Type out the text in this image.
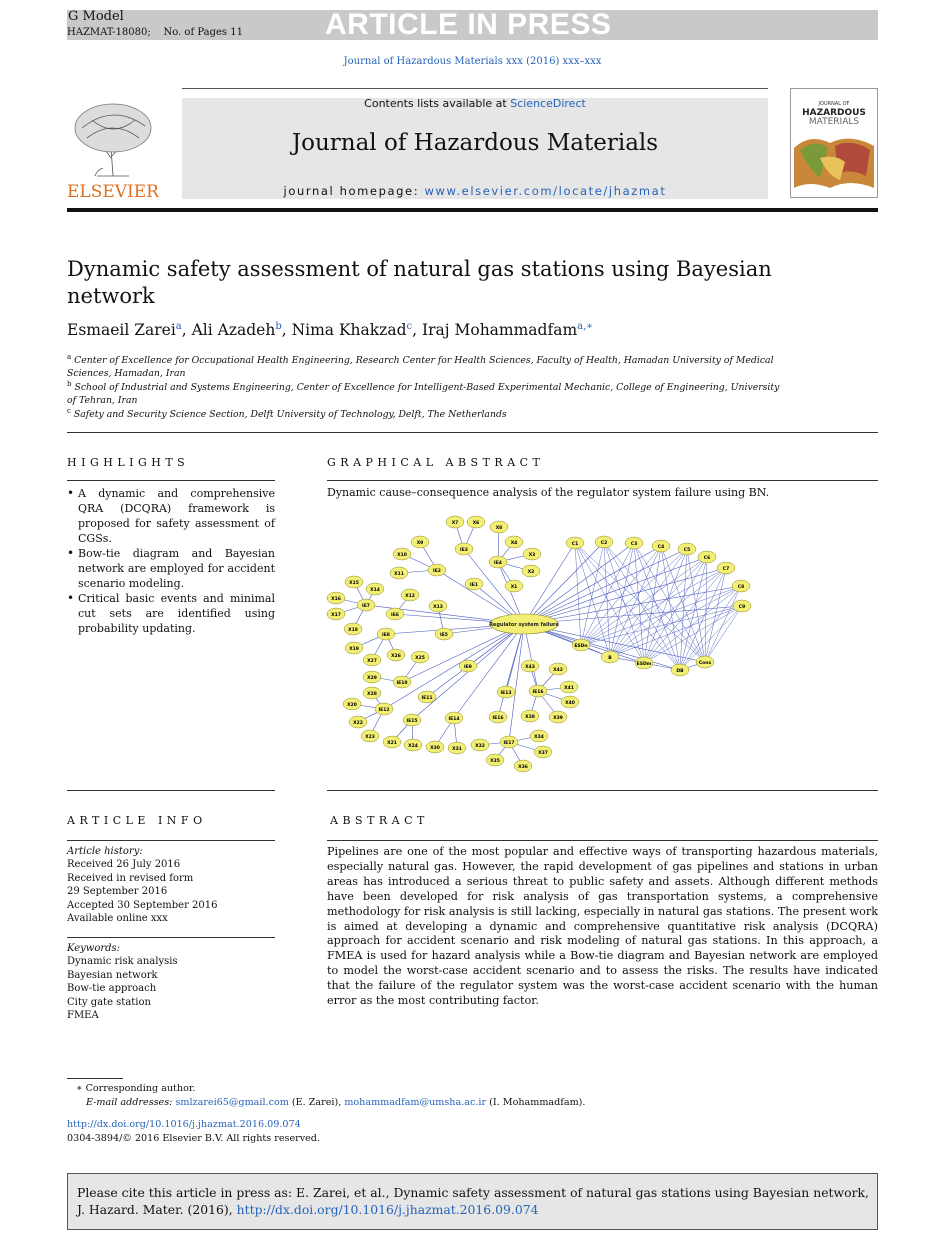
G Model
HAZMAT-18080; No. of Pages 11	ARTICLE IN PRESS
Journal of Hazardous Materials xxx (2016) xxx–xxx
ELSEVIER
Contents lists available at ScienceDirect
Journal of Hazardous Materials
journal homepage: www.elsevier.com/locate/jhazmat
JOURNAL OF
HAZARDOUS
MATERIALS
Dynamic safety assessment of natural gas stations using Bayesian network
Esmaeil Zarei$^a$, Ali Azadeh$^b$, Nima Khakzad$^c$, Iraj Mohammadfam$^{a,∗}$
$^a$ Center of Excellence for Occupational Health Engineering, Research Center for Health Sciences, Faculty of Health, Hamadan University of Medical Sciences, Hamadan, Iran
$^b$ School of Industrial and Systems Engineering, Center of Excellence for Intelligent-Based Experimental Mechanic, College of Engineering, University of Tehran, Iran
$^c$ Safety and Security Science Section, Delft University of Technology, Delft, The Netherlands
HIGHLIGHTS
• A dynamic and comprehensive QRA (DCQRA) framework is proposed for safety assessment of CGSs.
• Bow-tie diagram and Bayesian network are employed for accident scenario modeling.
• Critical basic events and minimal cut sets are identified using probability updating.
GRAPHICAL ABSTRACT
Dynamic cause–consequence analysis of the regulator system failure using BN.
X7	X6
X8
X9
IE3
X4
X3
X10
IE4
X2
X11
IE2
X12
IE1	X1
X15
X14
X16
IE7
IE6
X17
X13
X18
IE8	IE5
X19
X26	X25
X27
IE9
IE10
X29
X28
X43
X42
IE11
X20
IE12
IE13	IE16
X41
X40
X22	IE15	IE14	IE16	X38	X39
X23
X21
X24	X30	X31
X32
IE17
X34
X37
X35
X36
C1	C2	C3
C4
C5
C6
C7
C8
C9
ESDn
B
ESDm
DB
Cons
Regulator system failure
ARTICLE INFO
Article history:
Received 26 July 2016
Received in revised form
29 September 2016
Accepted 30 September 2016
Available online xxx
Keywords:
Dynamic risk analysis
Bayesian network
Bow-tie approach
City gate station
FMEA
ABSTRACT
Pipelines are one of the most popular and effective ways of transporting hazardous materials, especially natural gas. However, the rapid development of gas pipelines and stations in urban areas has introduced a serious threat to public safety and assets. Although different methods have been developed for risk analysis of gas transportation systems, a comprehensive methodology for risk analysis is still lacking, especially in natural gas stations. The present work is aimed at developing a dynamic and comprehensive quantitative risk analysis (DCQRA) approach for accident scenario and risk modeling of natural gas stations. In this approach, a FMEA is used for hazard analysis while a Bow-tie diagram and Bayesian network are employed to model the worst-case accident scenario and to assess the risks. The results have indicated that the failure of the regulator system was the worst-case accident scenario with the human error as the most contributing factor.
∗ Corresponding author.
E-mail addresses: smlzarei65@gmail.com (E. Zarei), mohammadfam@umsha.ac.ir (I. Mohammadfam).
http://dx.doi.org/10.1016/j.jhazmat.2016.09.074
0304-3894/© 2016 Elsevier B.V. All rights reserved.
Please cite this article in press as: E. Zarei, et al., Dynamic safety assessment of natural gas stations using Bayesian network, J. Hazard. Mater. (2016), http://dx.doi.org/10.1016/j.jhazmat.2016.09.074
